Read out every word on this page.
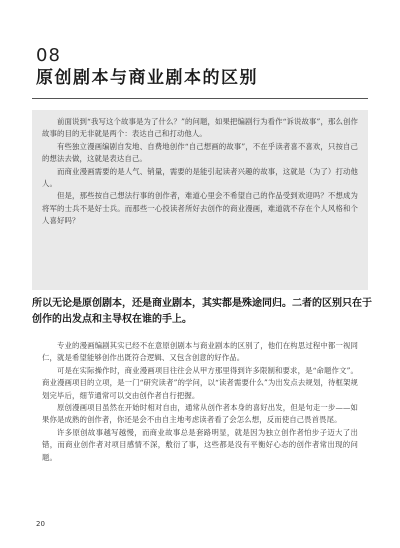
08
原创剧本与商业剧本的区别

前面说到“我写这个故事是为了什么？”的问题，如果把编剧行为看作“诉说故事”，那么创作故事的目的无非就是两个：表达自己和打动他人。

有些独立漫画编剧自发地、自费地创作“自己想画的故事”，不在乎读者喜不喜欢，只按自己的想法去做，这就是表达自己。

而商业漫画需要的是人气、销量，需要的是能引起读者兴趣的故事，这就是（为了）打动他人。

但是，那些按自己想法行事的创作者，难道心里会不希望自己的作品受到欢迎吗？不想成为将军的士兵不是好士兵。而那些一心投读者所好去创作的商业漫画，难道就不存在个人风格和个人喜好吗？

所以无论是原创剧本，还是商业剧本，其实都是殊途同归。二者的区别只在于创作的出发点和主导权在谁的手上。

专业的漫画编剧其实已经不在意原创剧本与商业剧本的区别了，他们在构思过程中都一视同仁，就是希望能够创作出既符合逻辑、又包含创意的好作品。

可是在实际操作时，商业漫画项目往往会从甲方那里得到许多限制和要求，是“命题作文”。商业漫画项目的立项，是一门“研究读者”的学问，以“读者需要什么”为出发点去规划，待框架规划完毕后，细节通常可以交由创作者自行把握。

原创漫画项目虽然在开始时相对自由，通常从创作者本身的喜好出发，但是句走一步——如果你是成熟的创作者，你还是会不由自主地考虑读者看了会怎么想，反而使自己畏首畏尾。

许多原创故事越写越慢，而商业故事总是套路明显，就是因为独立创作者怕步子迈大了出错，而商业创作者对项目感情不深，敷衍了事，这些都是没有平衡好心态的创作者常出现的问题。

20
